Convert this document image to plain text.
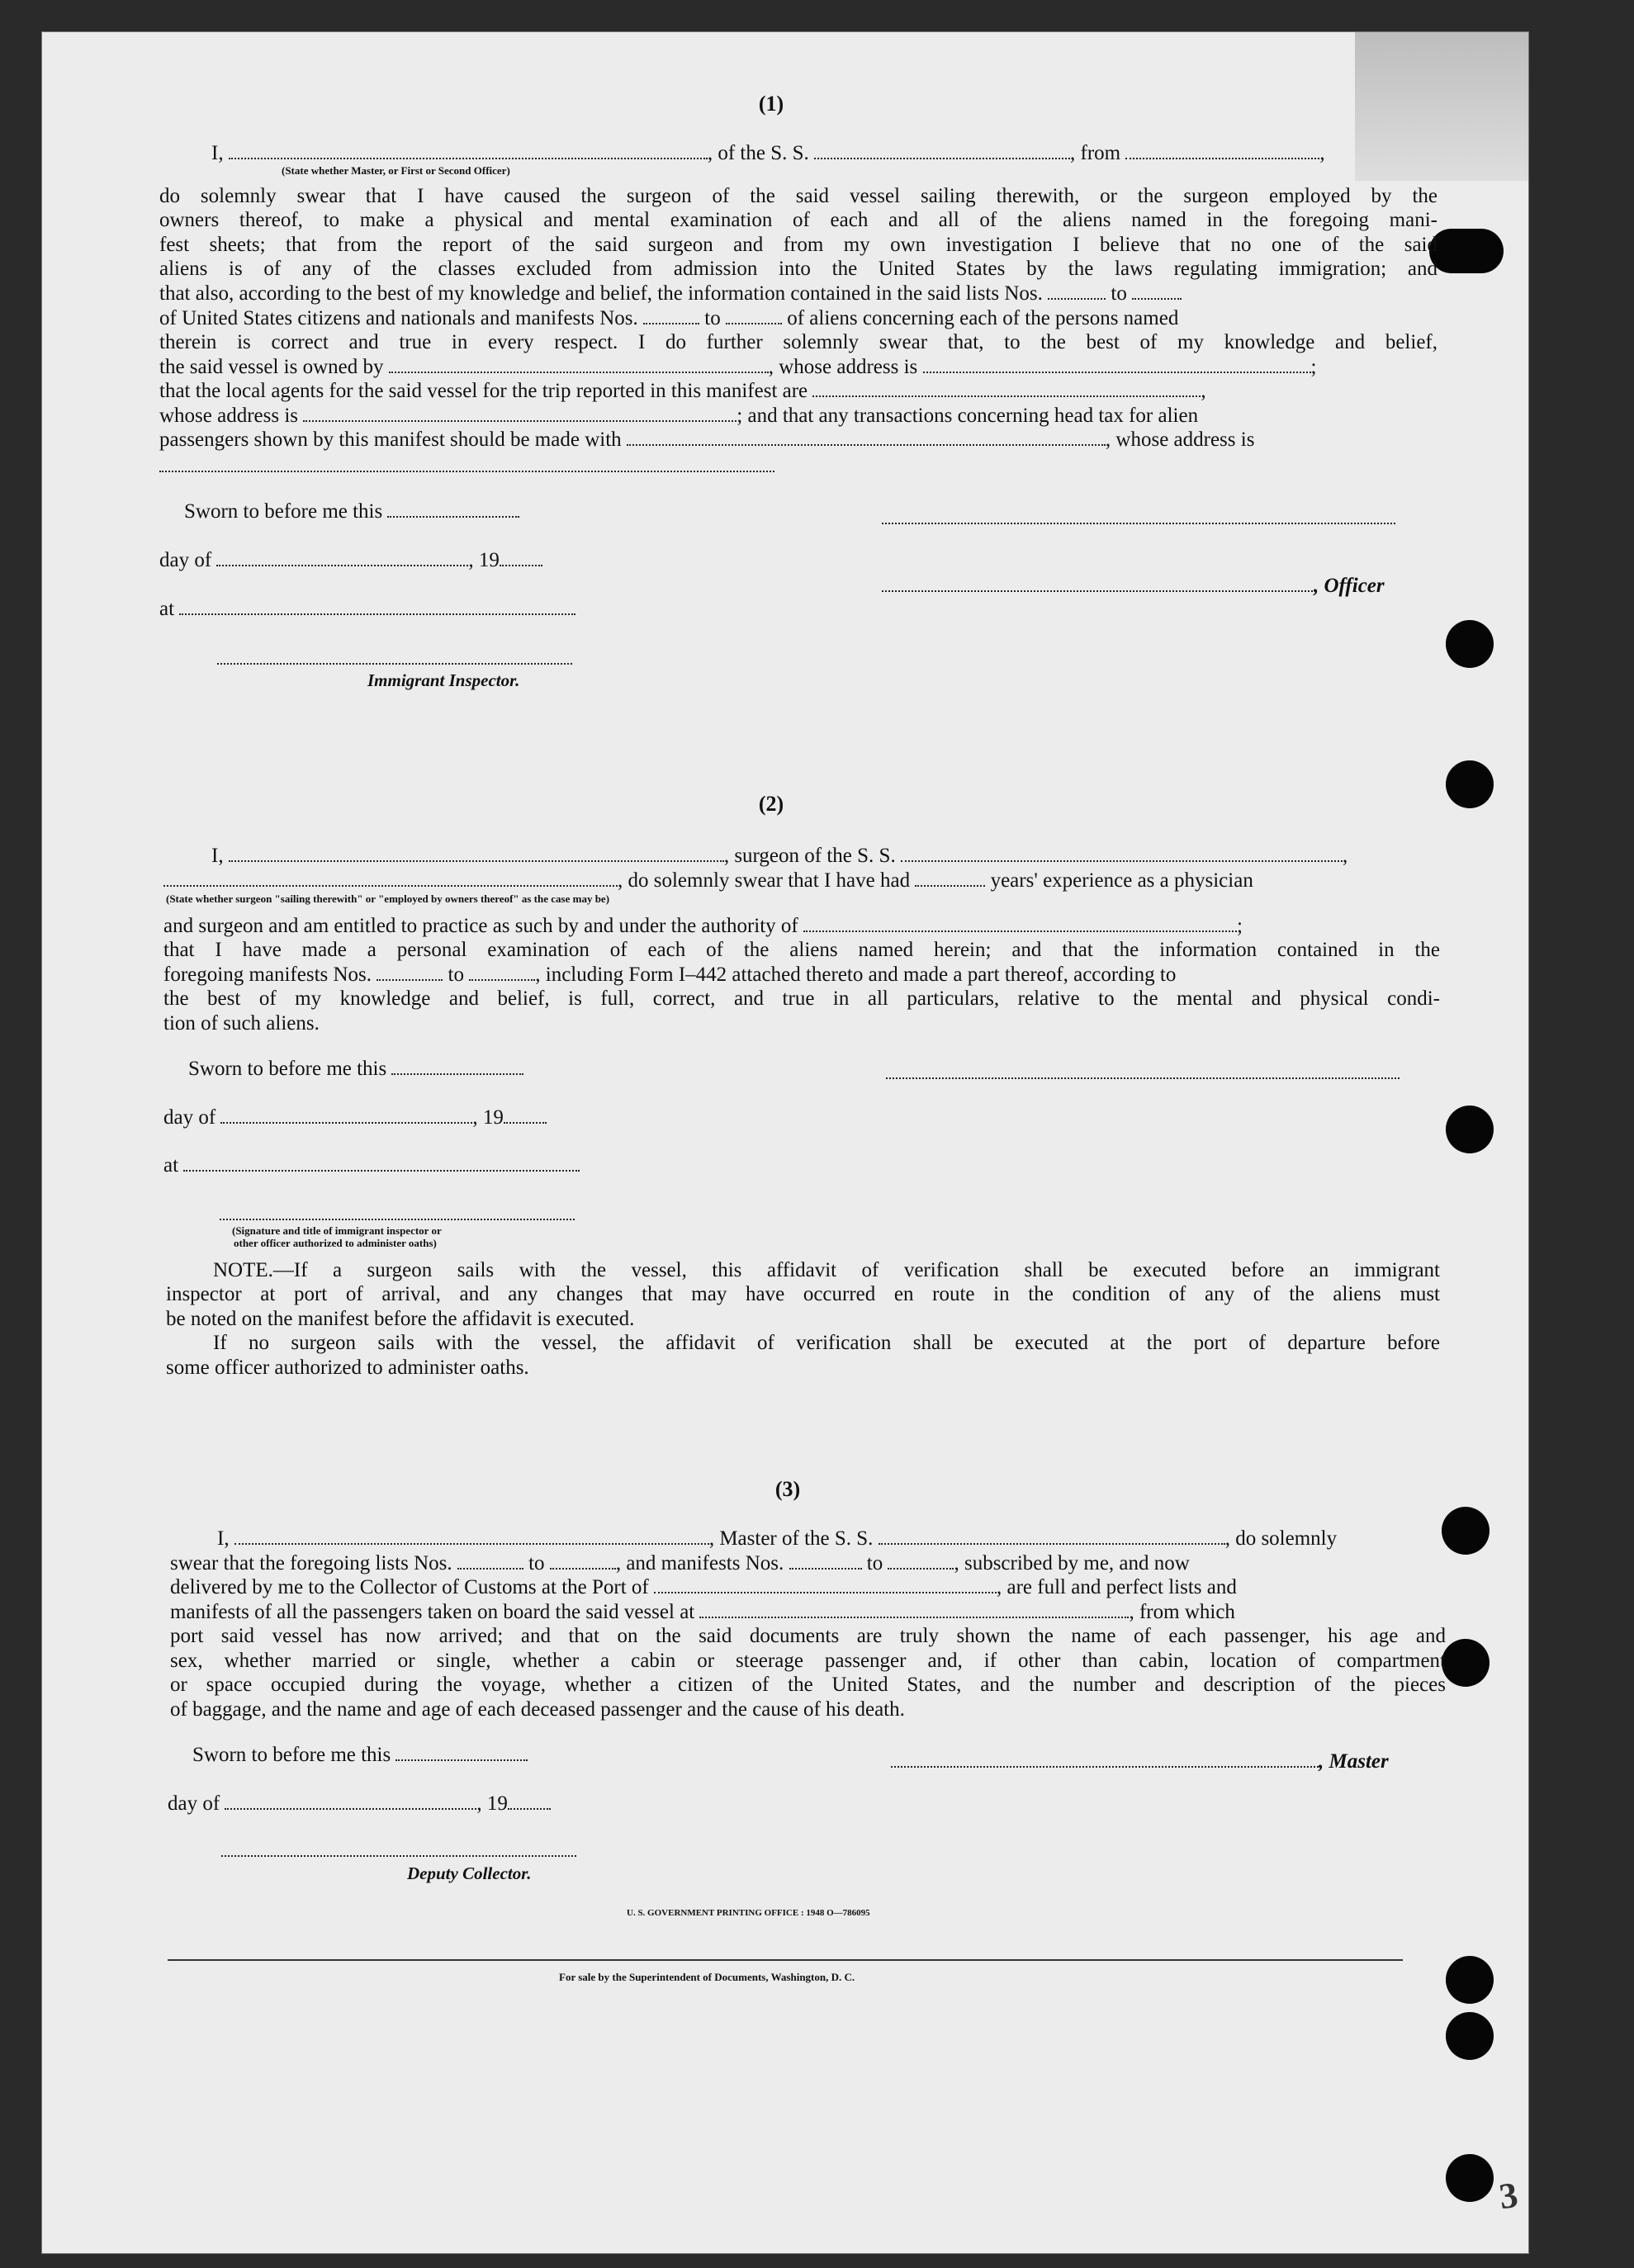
3
(1)
I,	, of the S. S.	, from	,
(State whether Master, or First or Second Officer)
do solemnly swear that I have caused the surgeon of the said vessel sailing therewith, or the surgeon employed by the
owners thereof, to make a physical and mental examination of each and all of the aliens named in the foregoing mani-
fest sheets; that from the report of the said surgeon and from my own investigation I believe that no one of the said
aliens is of any of the classes excluded from admission into the United States by the laws regulating immigration; and
that also, according to the best of my knowledge and belief, the information contained in the said lists Nos.	to
of United States citizens and nationals and manifests Nos.	to	of aliens concerning each of the persons named
therein is correct and true in every respect. I do further solemnly swear that, to the best of my knowledge and belief,
the said vessel is owned by	, whose address is	;
that the local agents for the said vessel for the trip reported in this manifest are	,
whose address is	; and that any transactions concerning head tax for alien
passengers shown by this manifest should be made with	, whose address is
Sworn to before me this
day of	, 19
at
Immigrant Inspector.
, Officer
(2)
I,	, surgeon of the S. S.	,
, do solemnly swear that I have had	years' experience as a physician
(State whether surgeon "sailing therewith" or "employed by owners thereof" as the case may be)
and surgeon and am entitled to practice as such by and under the authority of	;
that I have made a personal examination of each of the aliens named herein; and that the information contained in the
foregoing manifests Nos.	to	, including Form I–442 attached thereto and made a part thereof, according to
the best of my knowledge and belief, is full, correct, and true in all particulars, relative to the mental and physical condi-
tion of such aliens.
Sworn to before me this
day of	, 19
at
(Signature and title of immigrant inspector or
other officer authorized to administer oaths)
NOTE.—If a surgeon sails with the vessel, this affidavit of verification shall be executed before an immigrant
inspector at port of arrival, and any changes that may have occurred en route in the condition of any of the aliens must
be noted on the manifest before the affidavit is executed.
If no surgeon sails with the vessel, the affidavit of verification shall be executed at the port of departure before
some officer authorized to administer oaths.
(3)
I,	, Master of the S. S.	, do solemnly
swear that the foregoing lists Nos.	to	, and manifests Nos.	to	, subscribed by me, and now
delivered by me to the Collector of Customs at the Port of	, are full and perfect lists and
manifests of all the passengers taken on board the said vessel at	, from which
port said vessel has now arrived; and that on the said documents are truly shown the name of each passenger, his age and
sex, whether married or single, whether a cabin or steerage passenger and, if other than cabin, location of compartment
or space occupied during the voyage, whether a citizen of the United States, and the number and description of the pieces
of baggage, and the name and age of each deceased passenger and the cause of his death.
Sworn to before me this	, Master
day of	, 19
Deputy Collector.
U. S. GOVERNMENT PRINTING OFFICE : 1948 O—786095
For sale by the Superintendent of Documents, Washington, D. C.
